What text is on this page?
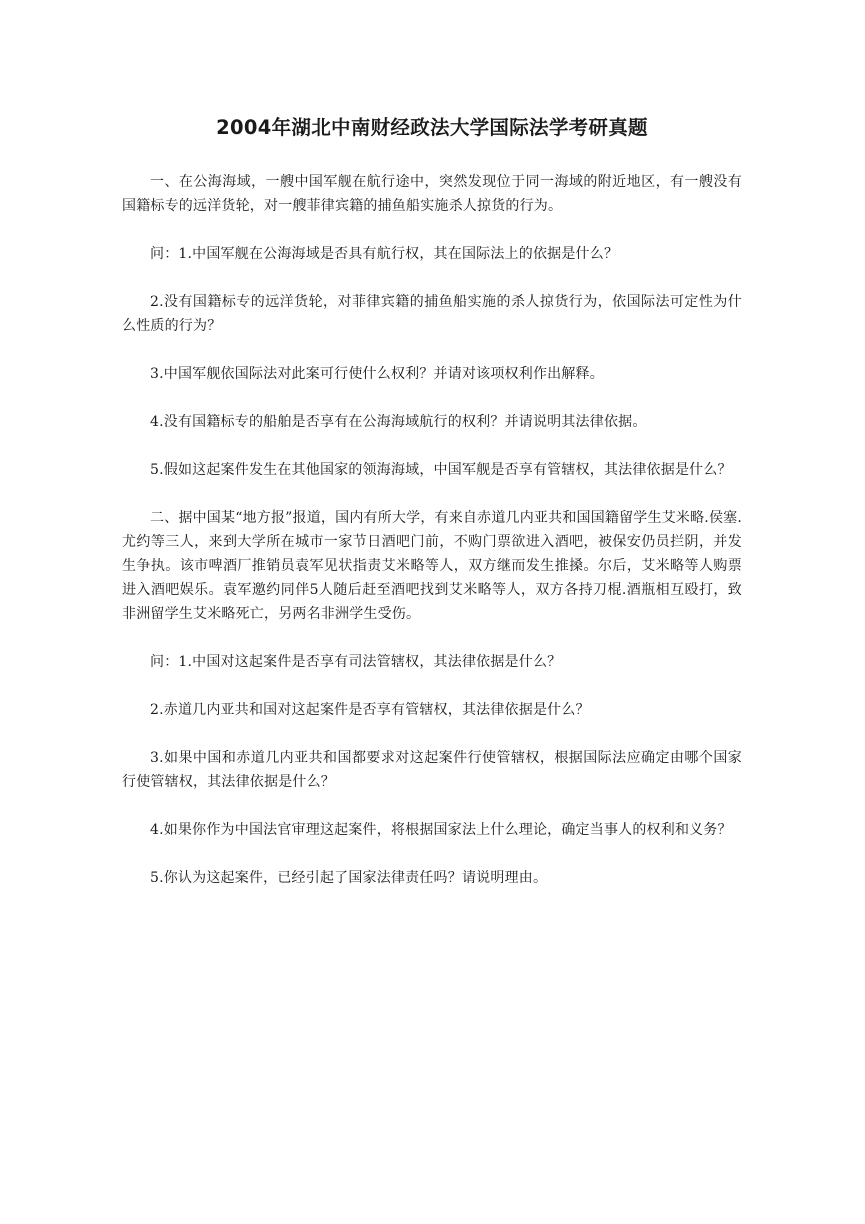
2004年湖北中南财经政法大学国际法学考研真题

一、在公海海域，一艘中国军舰在航行途中，突然发现位于同一海域的附近地区，有一艘没有国籍标专的远洋货轮，对一艘菲律宾籍的捕鱼船实施杀人掠货的行为。

问：1.中国军舰在公海海域是否具有航行权，其在国际法上的依据是什么？

2.没有国籍标专的远洋货轮，对菲律宾籍的捕鱼船实施的杀人掠货行为，依国际法可定性为什么性质的行为？

3.中国军舰依国际法对此案可行使什么权利？并请对该项权利作出解释。

4.没有国籍标专的船舶是否享有在公海海域航行的权利？并请说明其法律依据。

5.假如这起案件发生在其他国家的领海海域，中国军舰是否享有管辖权，其法律依据是什么？

二、据中国某“地方报”报道，国内有所大学，有来自赤道几内亚共和国国籍留学生艾米略.侯塞.尤约等三人，来到大学所在城市一家节日酒吧门前，不购门票欲进入酒吧，被保安仍员拦阴，并发生争执。该市啤酒厂推销员袁军见状指责艾米略等人，双方继而发生推搡。尔后，艾米略等人购票进入酒吧娱乐。袁军邀约同伴5人随后赶至酒吧找到艾米略等人，双方各持刀棍.酒瓶相互殴打，致非洲留学生艾米略死亡，另两名非洲学生受伤。

问：1.中国对这起案件是否享有司法管辖权，其法律依据是什么？

2.赤道几内亚共和国对这起案件是否享有管辖权，其法律依据是什么？

3.如果中国和赤道几内亚共和国都要求对这起案件行使管辖权，根据国际法应确定由哪个国家行使管辖权，其法律依据是什么？

4.如果你作为中国法官审理这起案件，将根据国家法上什么理论，确定当事人的权利和义务？

5.你认为这起案件，已经引起了国家法律责任吗？请说明理由。
